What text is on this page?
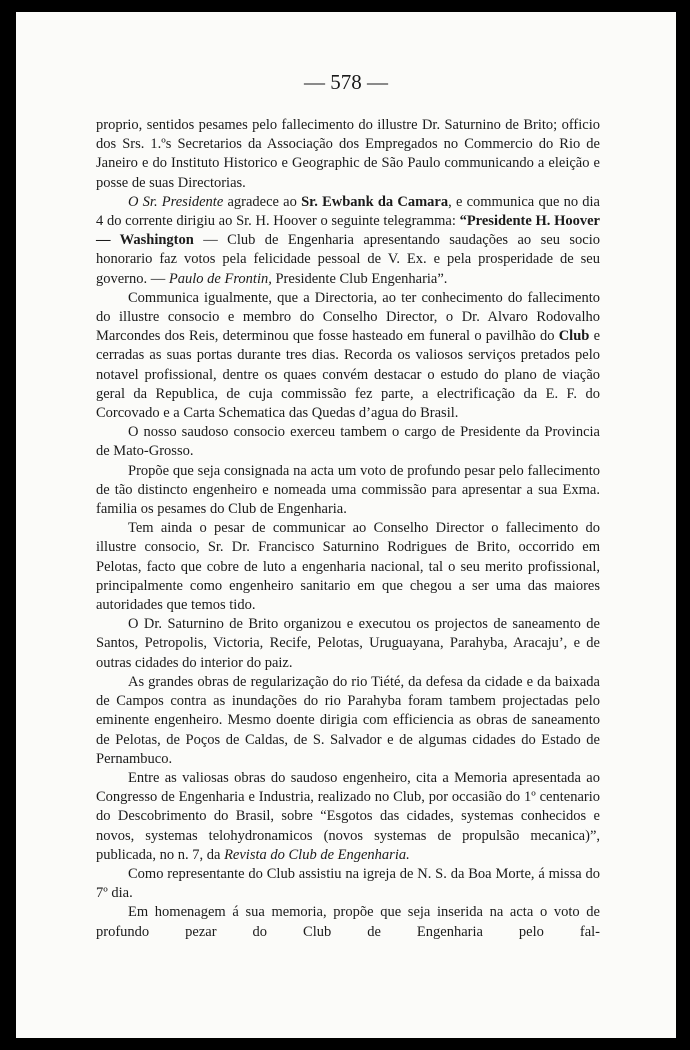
— 578 —

proprio, sentidos pesames pelo fallecimento do illustre Dr. Saturnino de Brito; officio dos Srs. 1.ºs Secretarios da Associação dos Empregados no Commercio do Rio de Janeiro e do Instituto Historico e Geographic de São Paulo communicando a eleição e posse de suas Directorias.

O Sr. Presidente agradece ao Sr. Ewbank da Camara, e communica que no dia 4 do corrente dirigiu ao Sr. H. Hoover o seguinte telegramma: “Presidente H. Hoover — Washington — Club de Engenharia apresentando saudações ao seu socio honorario faz votos pela felicidade pessoal de V. Ex. e pela prosperidade de seu governo. — Paulo de Frontin, Presidente Club Engenharia”.

Communica igualmente, que a Directoria, ao ter conhecimento do fallecimento do illustre consocio e membro do Conselho Director, o Dr. Alvaro Rodovalho Marcondes dos Reis, determinou que fosse hasteado em funeral o pavilhão do Club e cerradas as suas portas durante tres dias. Recorda os valiosos serviços pretados pelo notavel profissional, dentre os quaes convém destacar o estudo do plano de viação geral da Republica, de cuja commissão fez parte, a electrificação da E. F. do Corcovado e a Carta Schematica das Quedas d’agua do Brasil.

O nosso saudoso consocio exerceu tambem o cargo de Presidente da Provincia de Mato-Grosso.

Propõe que seja consignada na acta um voto de profundo pesar pelo fallecimento de tão distincto engenheiro e nomeada uma commissão para apresentar a sua Exma. familia os pesames do Club de Engenharia.

Tem ainda o pesar de communicar ao Conselho Director o fallecimento do illustre consocio, Sr. Dr. Francisco Saturnino Rodrigues de Brito, occorrido em Pelotas, facto que cobre de luto a engenharia nacional, tal o seu merito profissional, principalmente como engenheiro sanitario em que chegou a ser uma das maiores autoridades que temos tido.

O Dr. Saturnino de Brito organizou e executou os projectos de saneamento de Santos, Petropolis, Victoria, Recife, Pelotas, Uruguayana, Parahyba, Aracaju’, e de outras cidades do interior do paiz.

As grandes obras de regularização do rio Tiété, da defesa da cidade e da baixada de Campos contra as inundações do rio Parahyba foram tambem projectadas pelo eminente engenheiro. Mesmo doente dirigia com efficiencia as obras de saneamento de Pelotas, de Poços de Caldas, de S. Salvador e de algumas cidades do Estado de Pernambuco.

Entre as valiosas obras do saudoso engenheiro, cita a Memoria apresentada ao Congresso de Engenharia e Industria, realizado no Club, por occasião do 1º centenario do Descobrimento do Brasil, sobre “Esgotos das cidades, systemas conhecidos e novos, systemas telohydronamicos (novos systemas de propulsão mecanica)”, publicada, no n. 7, da Revista do Club de Engenharia.

Como representante do Club assistiu na igreja de N. S. da Boa Morte, á missa do 7º dia.

Em homenagem á sua memoria, propõe que seja inserida na acta o voto de profundo pezar do Club de Engenharia pelo fal-
